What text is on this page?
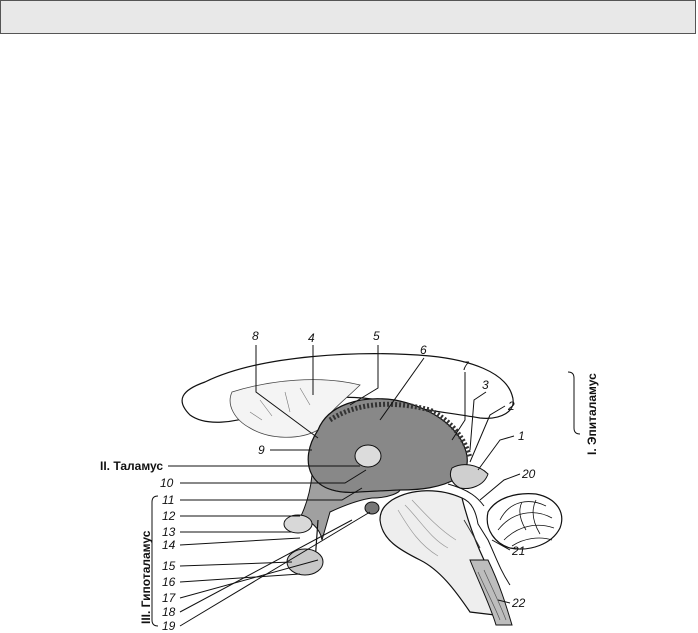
I. Эпиталамус
II. Таламус
III. Гипоталамус
1
2
3
4	5
6
7
8
9
10
11
12
13
14
15
16
17
18
19
20
21
22
